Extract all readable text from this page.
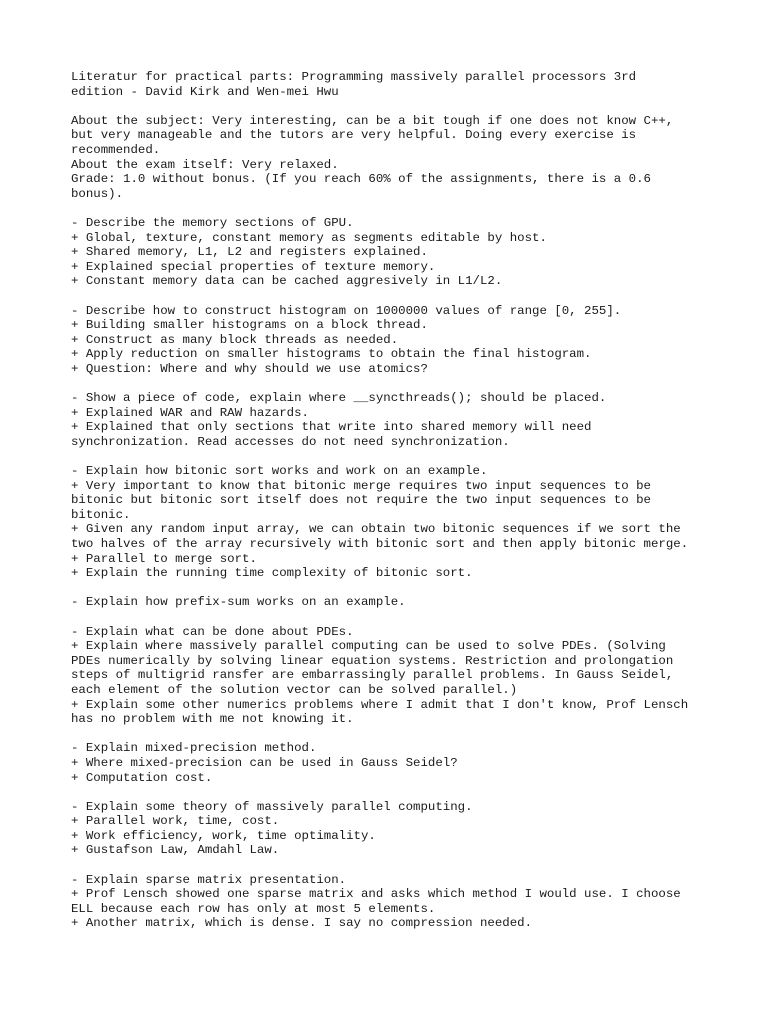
Literatur for practical parts: Programming massively parallel processors 3rd
edition - David Kirk and Wen-mei Hwu
About the subject: Very interesting, can be a bit tough if one does not know C++,
but very manageable and the tutors are very helpful. Doing every exercise is
recommended.
About the exam itself: Very relaxed.
Grade: 1.0 without bonus. (If you reach 60% of the assignments, there is a 0.6
bonus).
- Describe the memory sections of GPU.
+ Global, texture, constant memory as segments editable by host.
+ Shared memory, L1, L2 and registers explained.
+ Explained special properties of texture memory.
+ Constant memory data can be cached aggresively in L1/L2.
- Describe how to construct histogram on 1000000 values of range [0, 255].
+ Building smaller histograms on a block thread.
+ Construct as many block threads as needed.
+ Apply reduction on smaller histograms to obtain the final histogram.
+ Question: Where and why should we use atomics?
- Show a piece of code, explain where __syncthreads(); should be placed.
+ Explained WAR and RAW hazards.
+ Explained that only sections that write into shared memory will need
synchronization. Read accesses do not need synchronization.
- Explain how bitonic sort works and work on an example.
+ Very important to know that bitonic merge requires two input sequences to be
bitonic but bitonic sort itself does not require the two input sequences to be
bitonic.
+ Given any random input array, we can obtain two bitonic sequences if we sort the
two halves of the array recursively with bitonic sort and then apply bitonic merge.
+ Parallel to merge sort.
+ Explain the running time complexity of bitonic sort.
- Explain how prefix-sum works on an example.
- Explain what can be done about PDEs.
+ Explain where massively parallel computing can be used to solve PDEs. (Solving
PDEs numerically by solving linear equation systems. Restriction and prolongation
steps of multigrid ransfer are embarrassingly parallel problems. In Gauss Seidel,
each element of the solution vector can be solved parallel.)
+ Explain some other numerics problems where I admit that I don't know, Prof Lensch
has no problem with me not knowing it.
- Explain mixed-precision method.
+ Where mixed-precision can be used in Gauss Seidel?
+ Computation cost.
- Explain some theory of massively parallel computing.
+ Parallel work, time, cost.
+ Work efficiency, work, time optimality.
+ Gustafson Law, Amdahl Law.
- Explain sparse matrix presentation.
+ Prof Lensch showed one sparse matrix and asks which method I would use. I choose
ELL because each row has only at most 5 elements.
+ Another matrix, which is dense. I say no compression needed.
